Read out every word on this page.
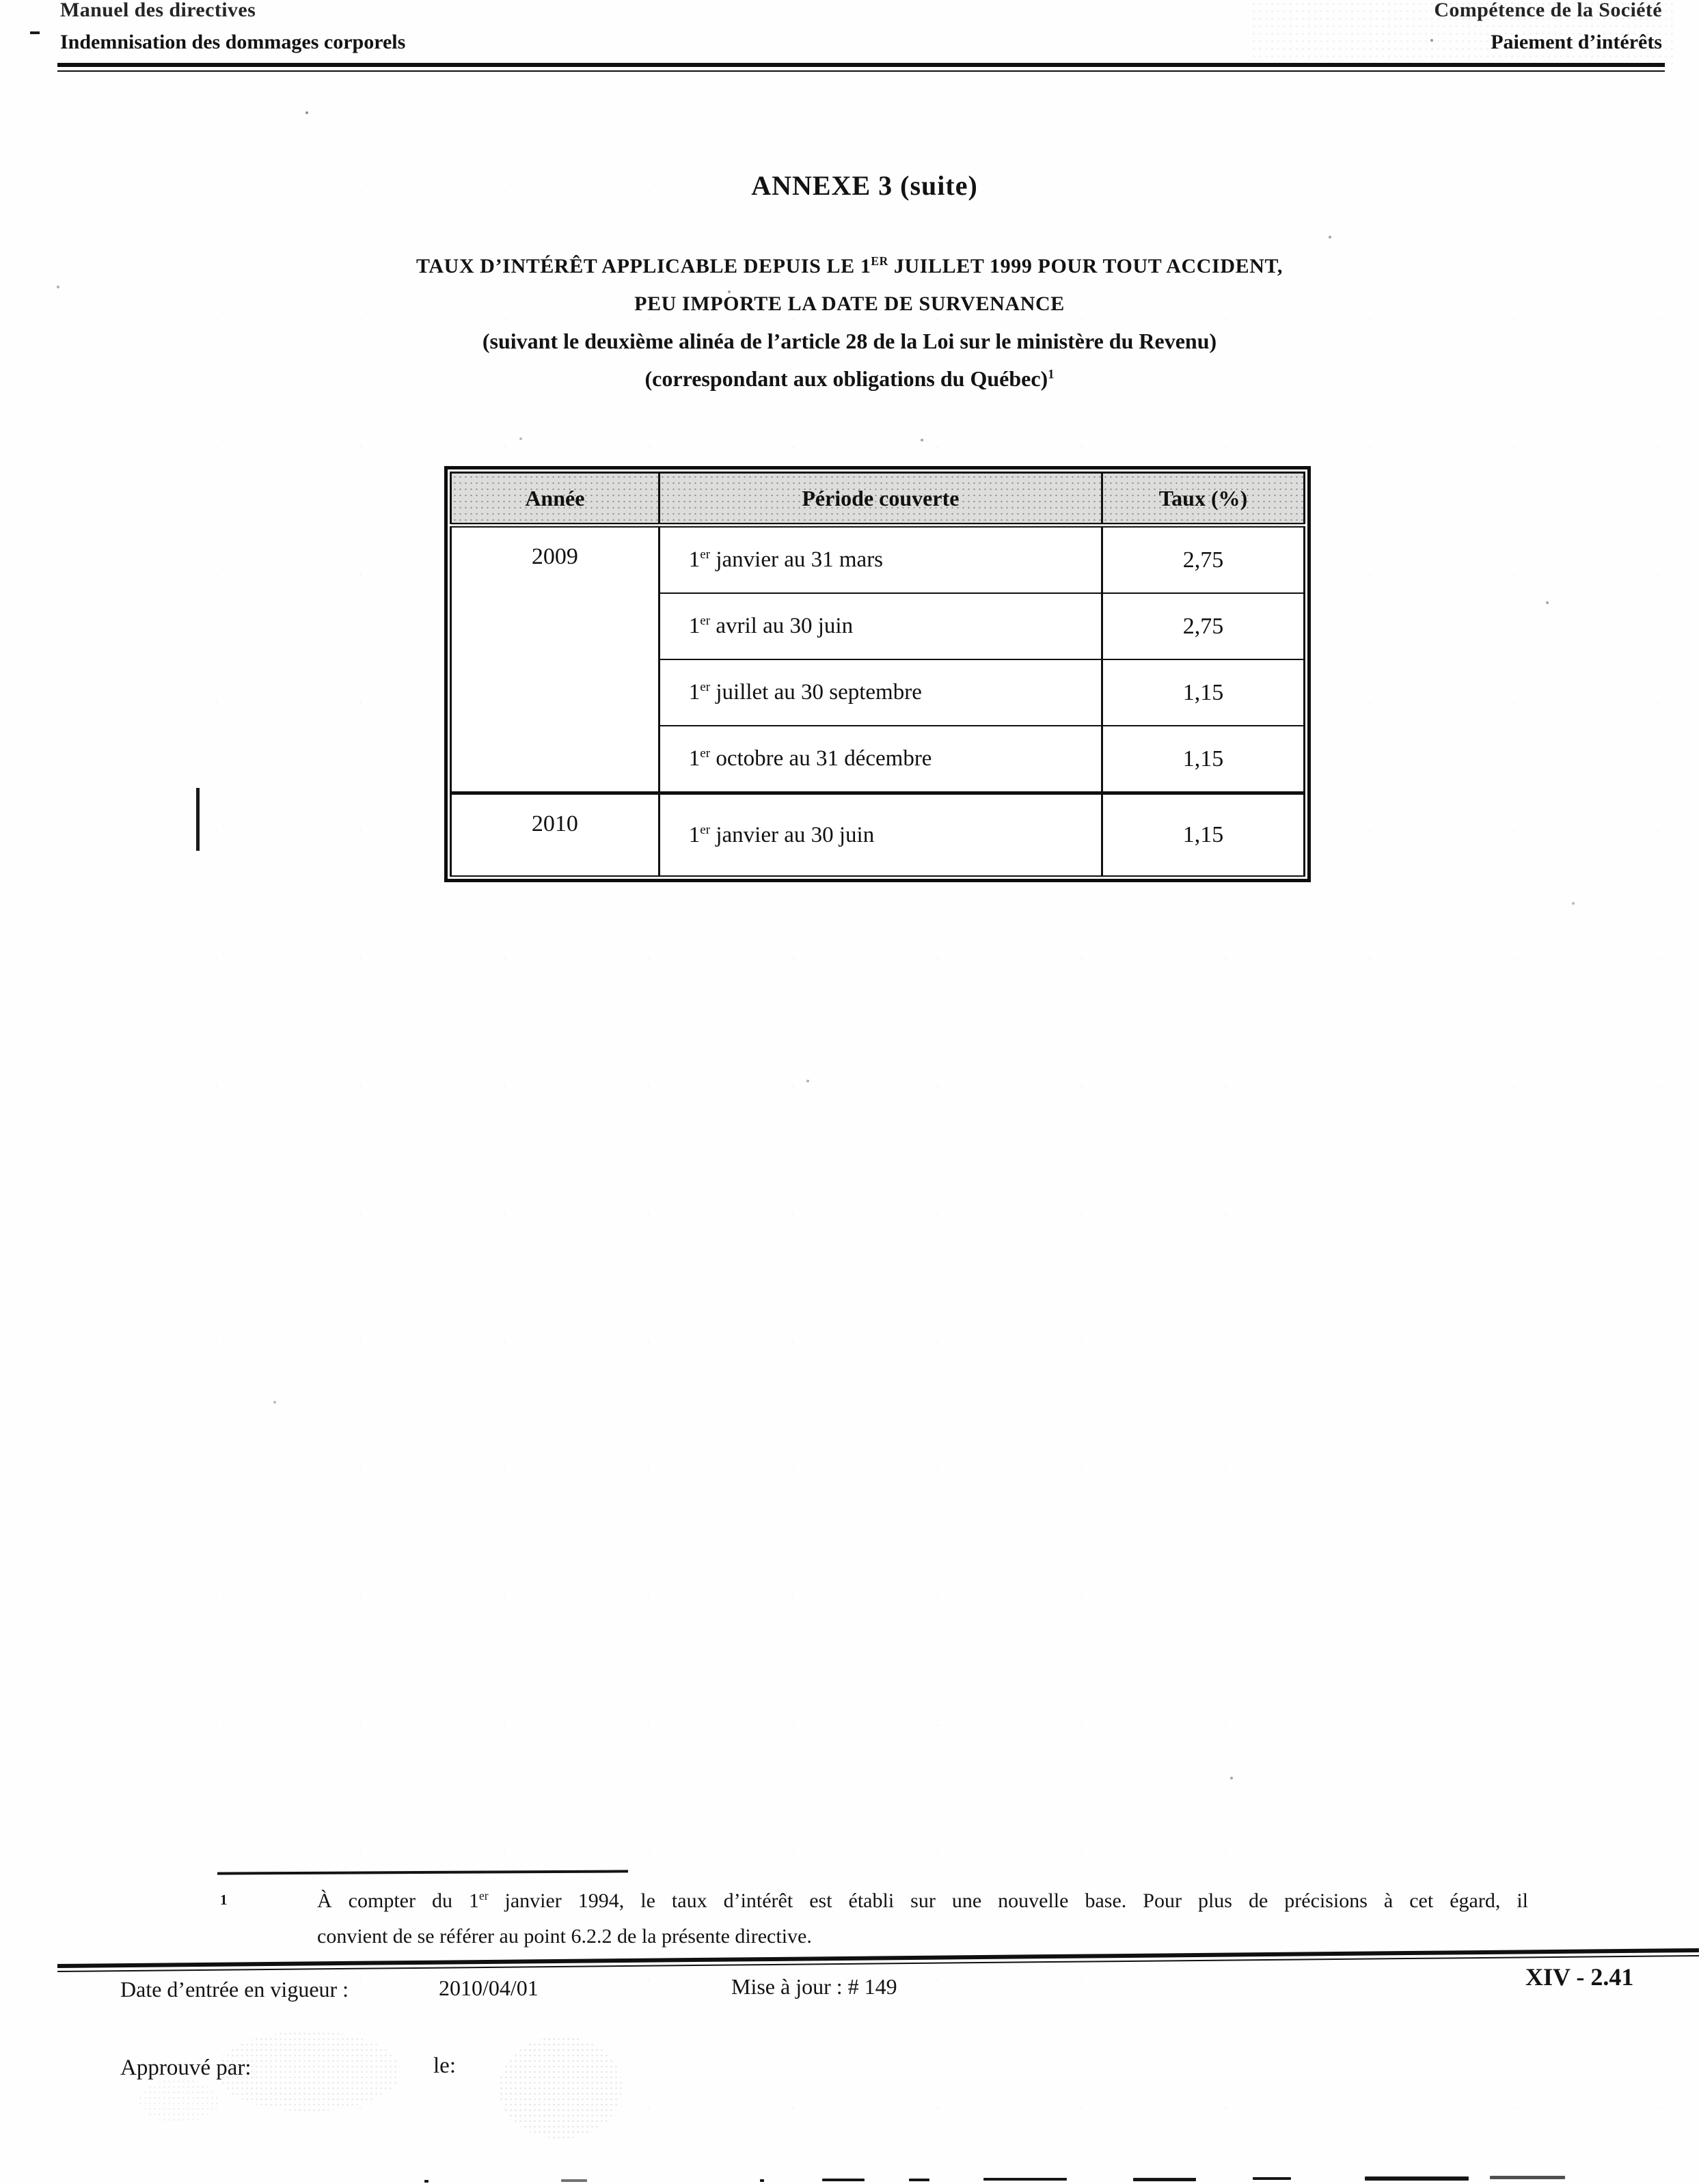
Manuel des directives
Indemnisation des dommages corporels
Compétence de la Société
Paiement d’intérêts
ANNEXE 3 (suite)
TAUX D’INTÉRÊT APPLICABLE DEPUIS LE 1ER JUILLET 1999 POUR TOUT ACCIDENT,
PEU IMPORTE LA DATE DE SURVENANCE
(suivant le deuxième alinéa de l’article 28 de la Loi sur le ministère du Revenu)
(correspondant aux obligations du Québec)$^1$
Année	Période couverte	Taux (%)
2009	1er janvier au 31 mars	2,75
	1er avril au 30 juin	2,75
	1er juillet au 30 septembre	1,15
	1er octobre au 31 décembre	1,15
2010	1er janvier au 30 juin	1,15
1	À compter du 1er janvier 1994, le taux d’intérêt est établi sur une nouvelle base. Pour plus de précisions à cet égard, il
convient de se référer au point 6.2.2 de la présente directive.
Date d’entrée en vigueur :	2010/04/01	Mise à jour : # 149	XIV - 2.41
Approuvé par:	le:
